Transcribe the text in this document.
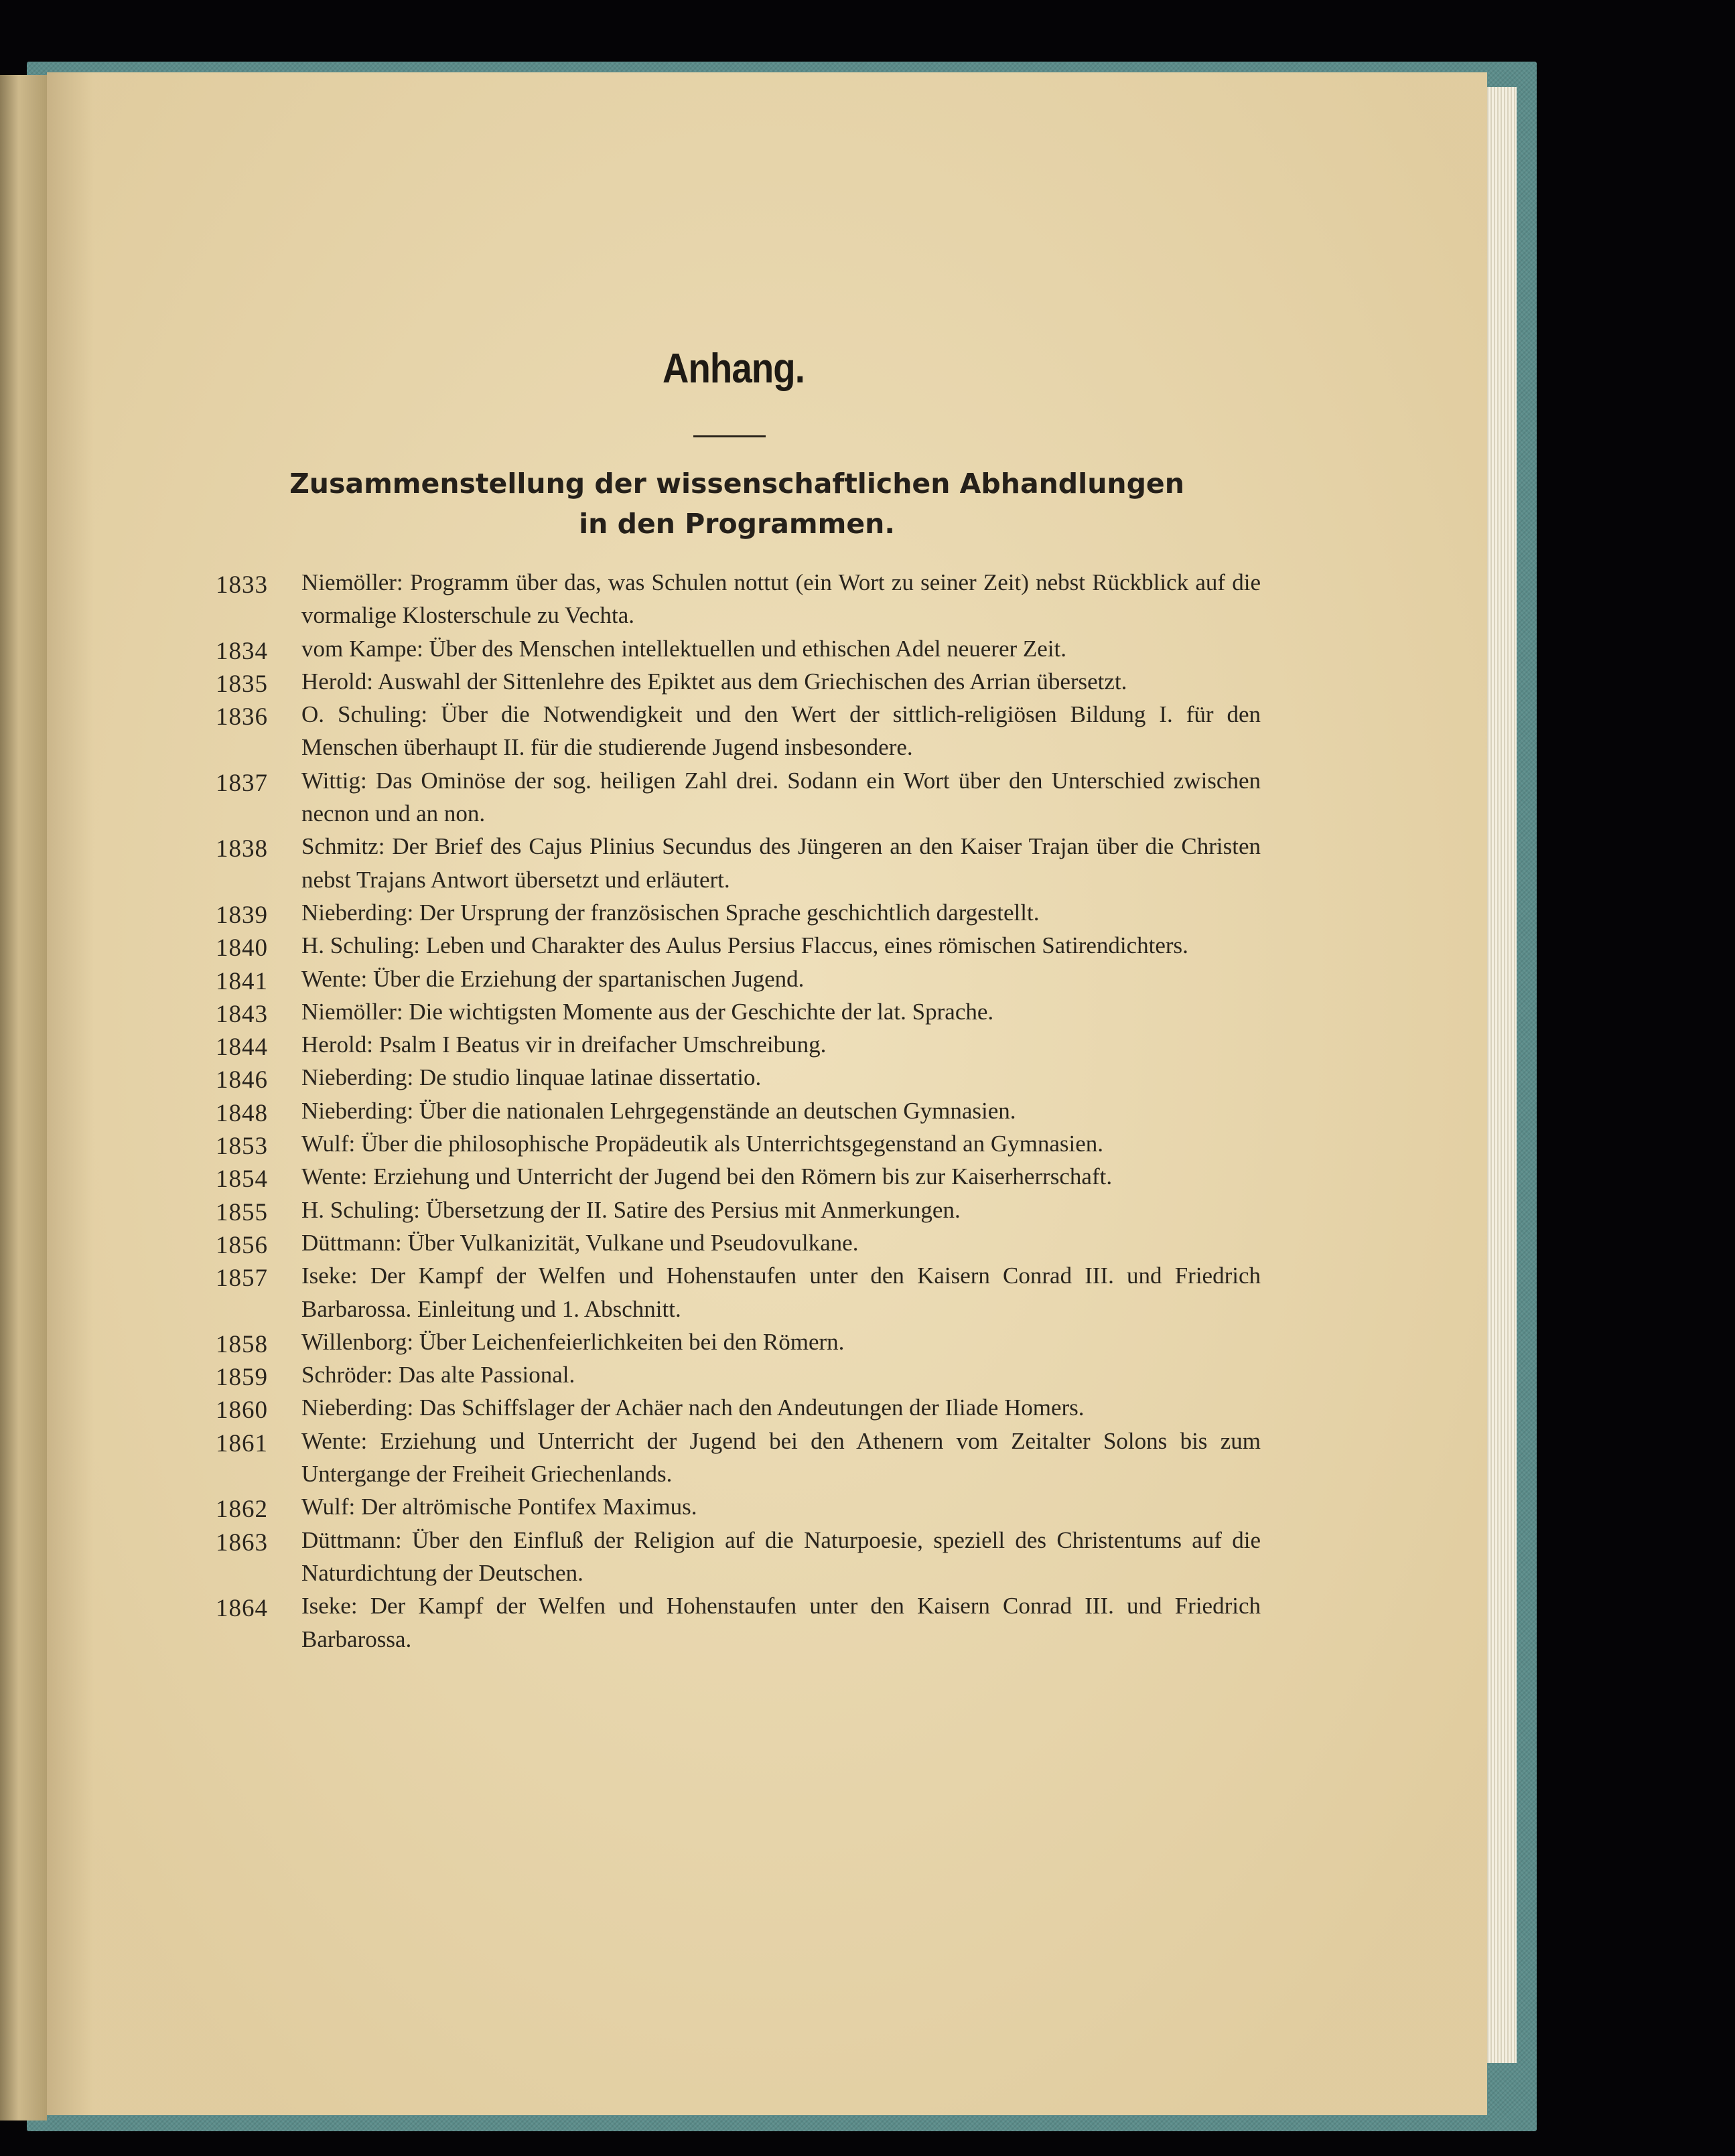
Anhang.
Zusammenstellung der wissenschaftlichen Abhandlungen
in den Programmen.
1833 Niemöller: Programm über das, was Schulen nottut (ein Wort zu seiner Zeit) nebst Rückblick auf die vormalige Klosterschule zu Vechta.
1834 vom Kampe: Über des Menschen intellektuellen und ethischen Adel neuerer Zeit.
1835 Herold: Auswahl der Sittenlehre des Epiktet aus dem Griechischen des Arrian übersetzt.
1836 O. Schuling: Über die Notwendigkeit und den Wert der sittlich-religiösen Bildung I. für den Menschen überhaupt II. für die studierende Jugend insbesondere.
1837 Wittig: Das Ominöse der sog. heiligen Zahl drei. Sodann ein Wort über den Unterschied zwischen necnon und an non.
1838 Schmitz: Der Brief des Cajus Plinius Secundus des Jüngeren an den Kaiser Trajan über die Christen nebst Trajans Antwort übersetzt und erläutert.
1839 Nieberding: Der Ursprung der französischen Sprache geschichtlich dargestellt.
1840 H. Schuling: Leben und Charakter des Aulus Persius Flaccus, eines römischen Satirendichters.
1841 Wente: Über die Erziehung der spartanischen Jugend.
1843 Niemöller: Die wichtigsten Momente aus der Geschichte der lat. Sprache.
1844 Herold: Psalm I Beatus vir in dreifacher Umschreibung.
1846 Nieberding: De studio linquae latinae dissertatio.
1848 Nieberding: Über die nationalen Lehrgegenstände an deutschen Gymnasien.
1853 Wulf: Über die philosophische Propädeutik als Unterrichtsgegenstand an Gymnasien.
1854 Wente: Erziehung und Unterricht der Jugend bei den Römern bis zur Kaiserherrschaft.
1855 H. Schuling: Übersetzung der II. Satire des Persius mit Anmerkungen.
1856 Düttmann: Über Vulkanizität, Vulkane und Pseudovulkane.
1857 Iseke: Der Kampf der Welfen und Hohenstaufen unter den Kaisern Conrad III. und Friedrich Barbarossa. Einleitung und 1. Abschnitt.
1858 Willenborg: Über Leichenfeierlichkeiten bei den Römern.
1859 Schröder: Das alte Passional.
1860 Nieberding: Das Schiffslager der Achäer nach den Andeutungen der Iliade Homers.
1861 Wente: Erziehung und Unterricht der Jugend bei den Athenern vom Zeitalter Solons bis zum Untergange der Freiheit Griechenlands.
1862 Wulf: Der altrömische Pontifex Maximus.
1863 Düttmann: Über den Einfluß der Religion auf die Naturpoesie, speziell des Christentums auf die Naturdichtung der Deutschen.
1864 Iseke: Der Kampf der Welfen und Hohenstaufen unter den Kaisern Conrad III. und Friedrich Barbarossa.
